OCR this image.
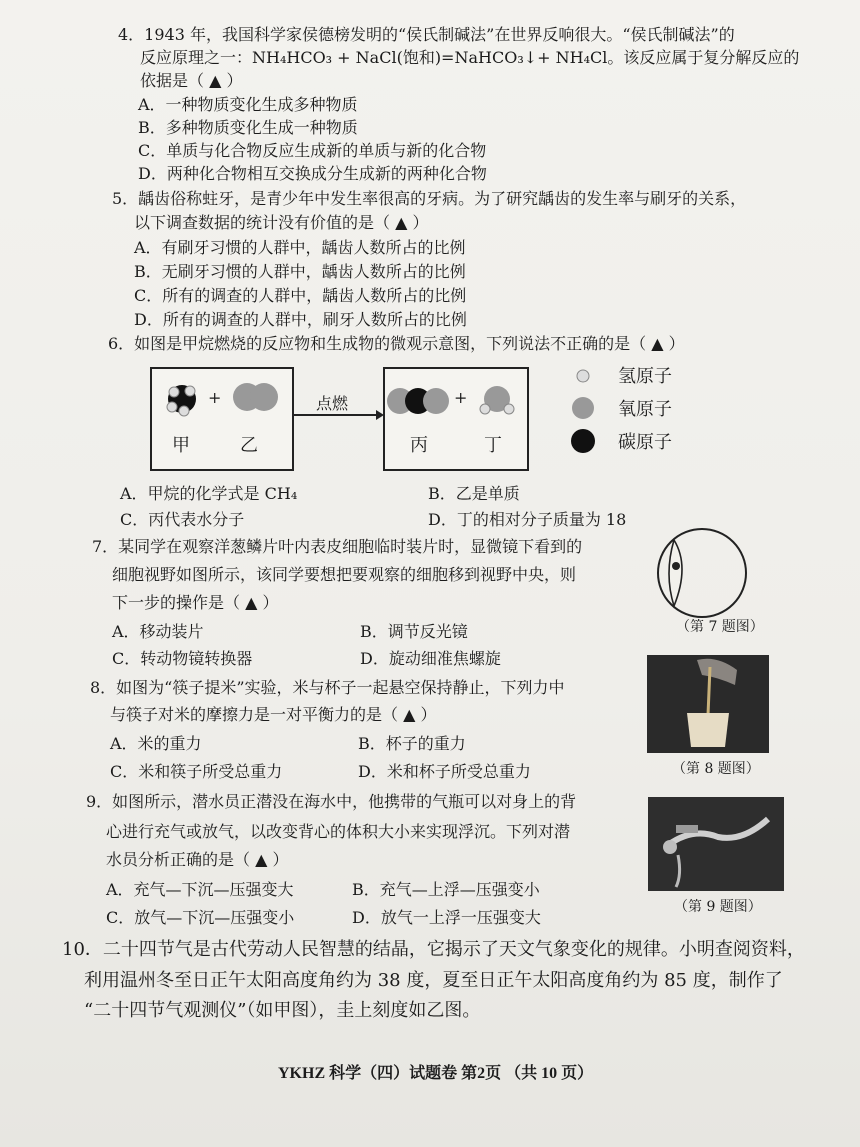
4．1943 年，我国科学家侯德榜发明的“侯氏制碱法”在世界反响很大。“侯氏制碱法”的
反应原理之一：NH₄HCO₃ + NaCl(饱和)=NaHCO₃↓+ NH₄Cl。该反应属于复分解反应的
依据是（ ▲ ）
A．一种物质变化生成多种物质
B．多种物质变化生成一种物质
C．单质与化合物反应生成新的单质与新的化合物
D．两种化合物相互交换成分生成新的两种化合物
5．龋齿俗称蛀牙，是青少年中发生率很高的牙病。为了研究龋齿的发生率与刷牙的关系，
以下调查数据的统计没有价值的是（ ▲ ）
A．有刷牙习惯的人群中，龋齿人数所占的比例
B．无刷牙习惯的人群中，龋齿人数所占的比例
C．所有的调查的人群中，龋齿人数所占的比例
D．所有的调查的人群中，刷牙人数所占的比例
6．如图是甲烷燃烧的反应物和生成物的微观示意图，下列说法不正确的是（ ▲ ）
+
甲	乙
点燃	+
丙	丁
氢原子
氧原子
碳原子
A．甲烷的化学式是 CH₄	B．乙是单质
C．丙代表水分子	D．丁的相对分子质量为 18
7．某同学在观察洋葱鳞片叶内表皮细胞临时装片时，显微镜下看到的
细胞视野如图所示，该同学要想把要观察的细胞移到视野中央，则
下一步的操作是（ ▲ ）
A．移动装片	B．调节反光镜
C．转动物镜转换器	D．旋动细准焦螺旋
（第 7 题图）
8．如图为“筷子提米”实验，米与杯子一起悬空保持静止，下列力中
与筷子对米的摩擦力是一对平衡力的是（ ▲ ）
A．米的重力	B．杯子的重力
C．米和筷子所受总重力	D．米和杯子所受总重力	（第 8 题图）
9．如图所示，潜水员正潜没在海水中，他携带的气瓶可以对身上的背
心进行充气或放气，以改变背心的体积大小来实现浮沉。下列对潜
水员分析正确的是（ ▲ ）
A．充气—下沉—压强变大	B．充气—上浮—压强变小
C．放气—下沉—压强变小	D．放气一上浮一压强变大
（第 9 题图）
10．二十四节气是古代劳动人民智慧的结晶，它揭示了天文气象变化的规律。小明查阅资料，
利用温州冬至日正午太阳高度角约为 38 度，夏至日正午太阳高度角约为 85 度，制作了
“二十四节气观测仪”（如甲图），圭上刻度如乙图。
YKHZ 科学（四）试题卷 第2页 （共 10 页）
